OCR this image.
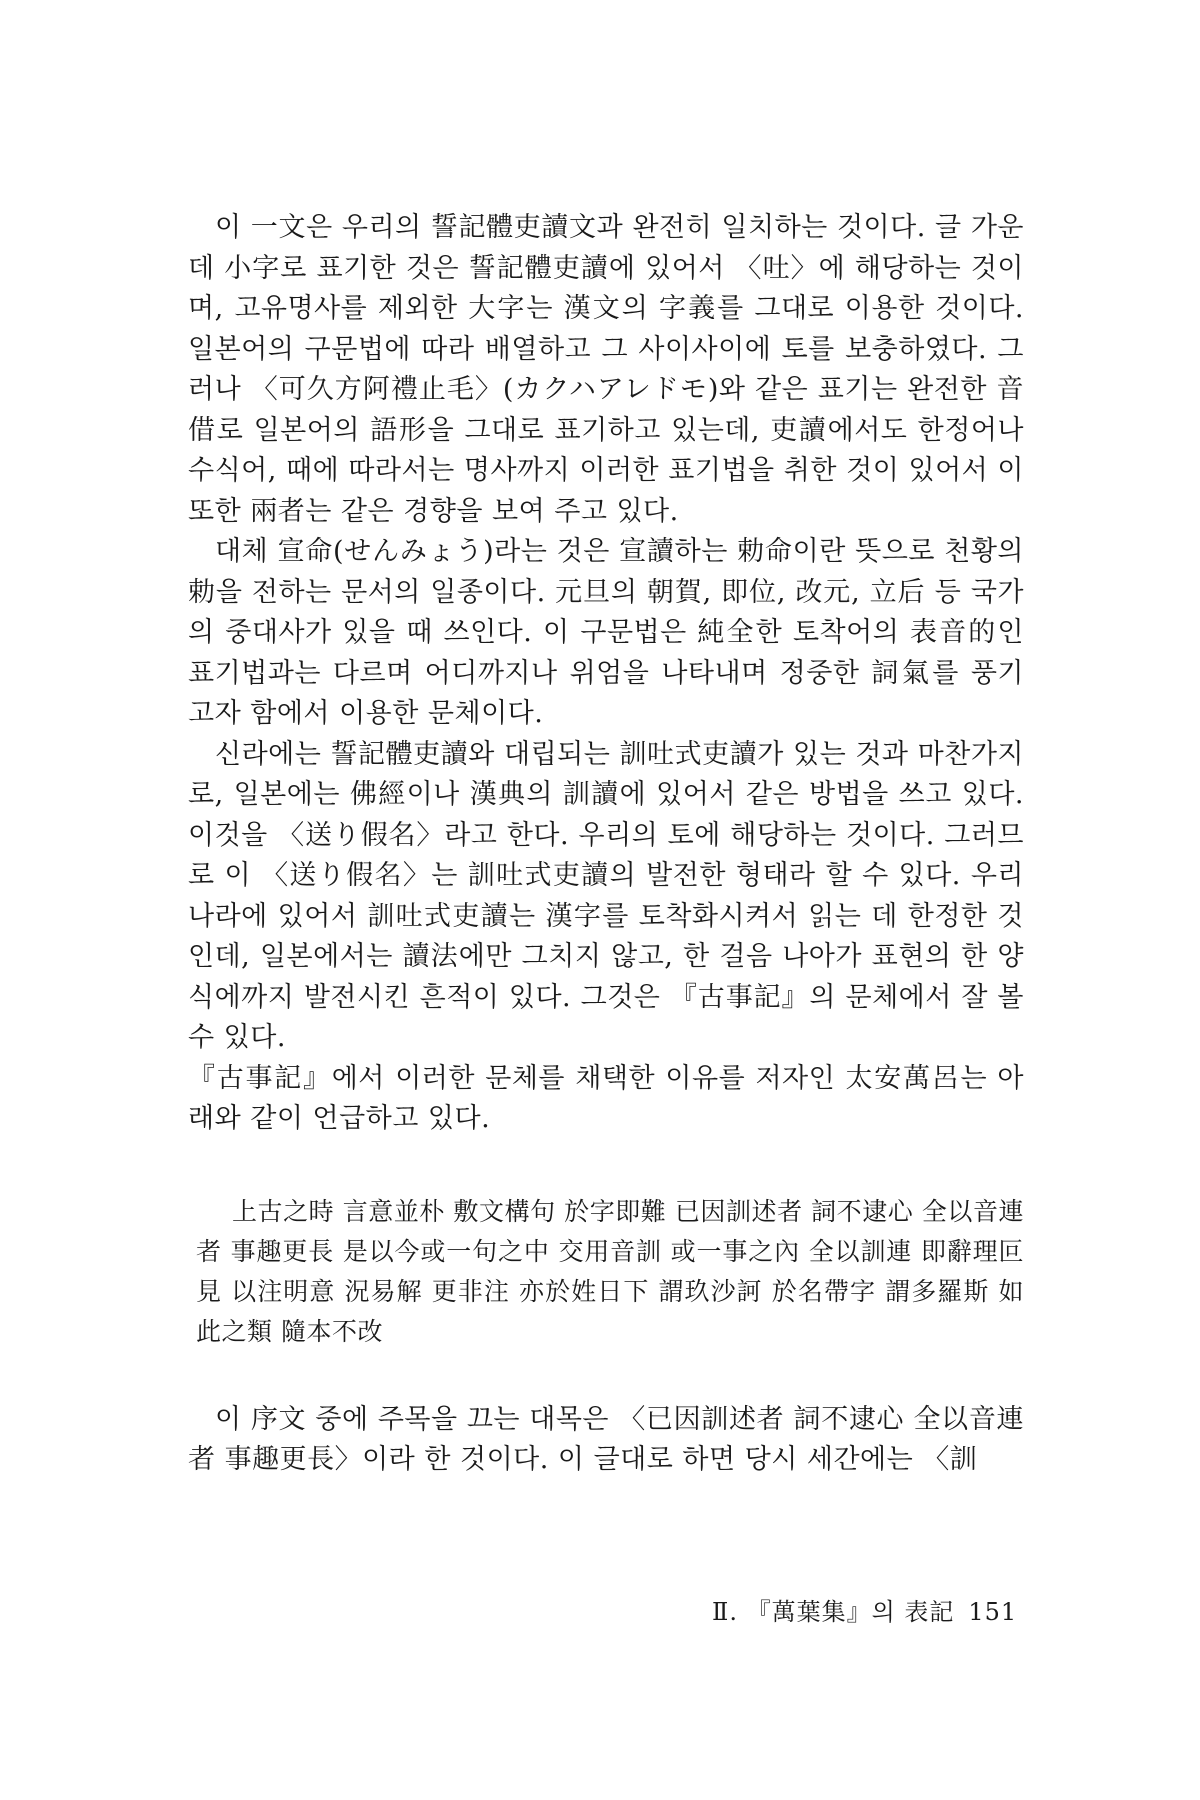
이 一文은 우리의 誓記體吏讀文과 완전히 일치하는 것이다. 글 가운데 小字로 표기한 것은 誓記體吏讀에 있어서 〈吐〉에 해당하는 것이며, 고유명사를 제외한 大字는 漢文의 字義를 그대로 이용한 것이다. 일본어의 구문법에 따라 배열하고 그 사이사이에 토를 보충하였다. 그러나 〈可久方阿禮止毛〉(カクハアレドモ)와 같은 표기는 완전한 音借로 일본어의 語形을 그대로 표기하고 있는데, 吏讀에서도 한정어나 수식어, 때에 따라서는 명사까지 이러한 표기법을 취한 것이 있어서 이 또한 兩者는 같은 경향을 보여 주고 있다.

대체 宣命(せんみょう)라는 것은 宣讀하는 勅命이란 뜻으로 천황의 勅을 전하는 문서의 일종이다. 元旦의 朝賀, 即位, 改元, 立后 등 국가의 중대사가 있을 때 쓰인다. 이 구문법은 純全한 토착어의 表音的인 표기법과는 다르며 어디까지나 위엄을 나타내며 정중한 詞氣를 풍기고자 함에서 이용한 문체이다.

신라에는 誓記體吏讀와 대립되는 訓吐式吏讀가 있는 것과 마찬가지로, 일본에는 佛經이나 漢典의 訓讀에 있어서 같은 방법을 쓰고 있다. 이것을 〈送り假名〉라고 한다. 우리의 토에 해당하는 것이다. 그러므로 이 〈送り假名〉는 訓吐式吏讀의 발전한 형태라 할 수 있다. 우리나라에 있어서 訓吐式吏讀는 漢字를 토착화시켜서 읽는 데 한정한 것인데, 일본에서는 讀法에만 그치지 않고, 한 걸음 나아가 표현의 한 양식에까지 발전시킨 흔적이 있다. 그것은 『古事記』의 문체에서 잘 볼 수 있다.

『古事記』에서 이러한 문체를 채택한 이유를 저자인 太安萬呂는 아래와 같이 언급하고 있다.

上古之時 言意並朴 敷文構句 於字即難 已因訓述者 詞不逮心 全以音連者 事趣更長 是以今或一句之中 交用音訓 或一事之內 全以訓連 即辭理叵見 以注明意 況易解 更非注 亦於姓日下 謂玖沙訶 於名帶字 謂多羅斯 如此之類 隨本不改

이 序文 중에 주목을 끄는 대목은 〈已因訓述者 詞不逮心 全以音連者 事趣更長〉이라 한 것이다. 이 글대로 하면 당시 세간에는 〈訓

Ⅱ. 『萬葉集』의 表記 151
